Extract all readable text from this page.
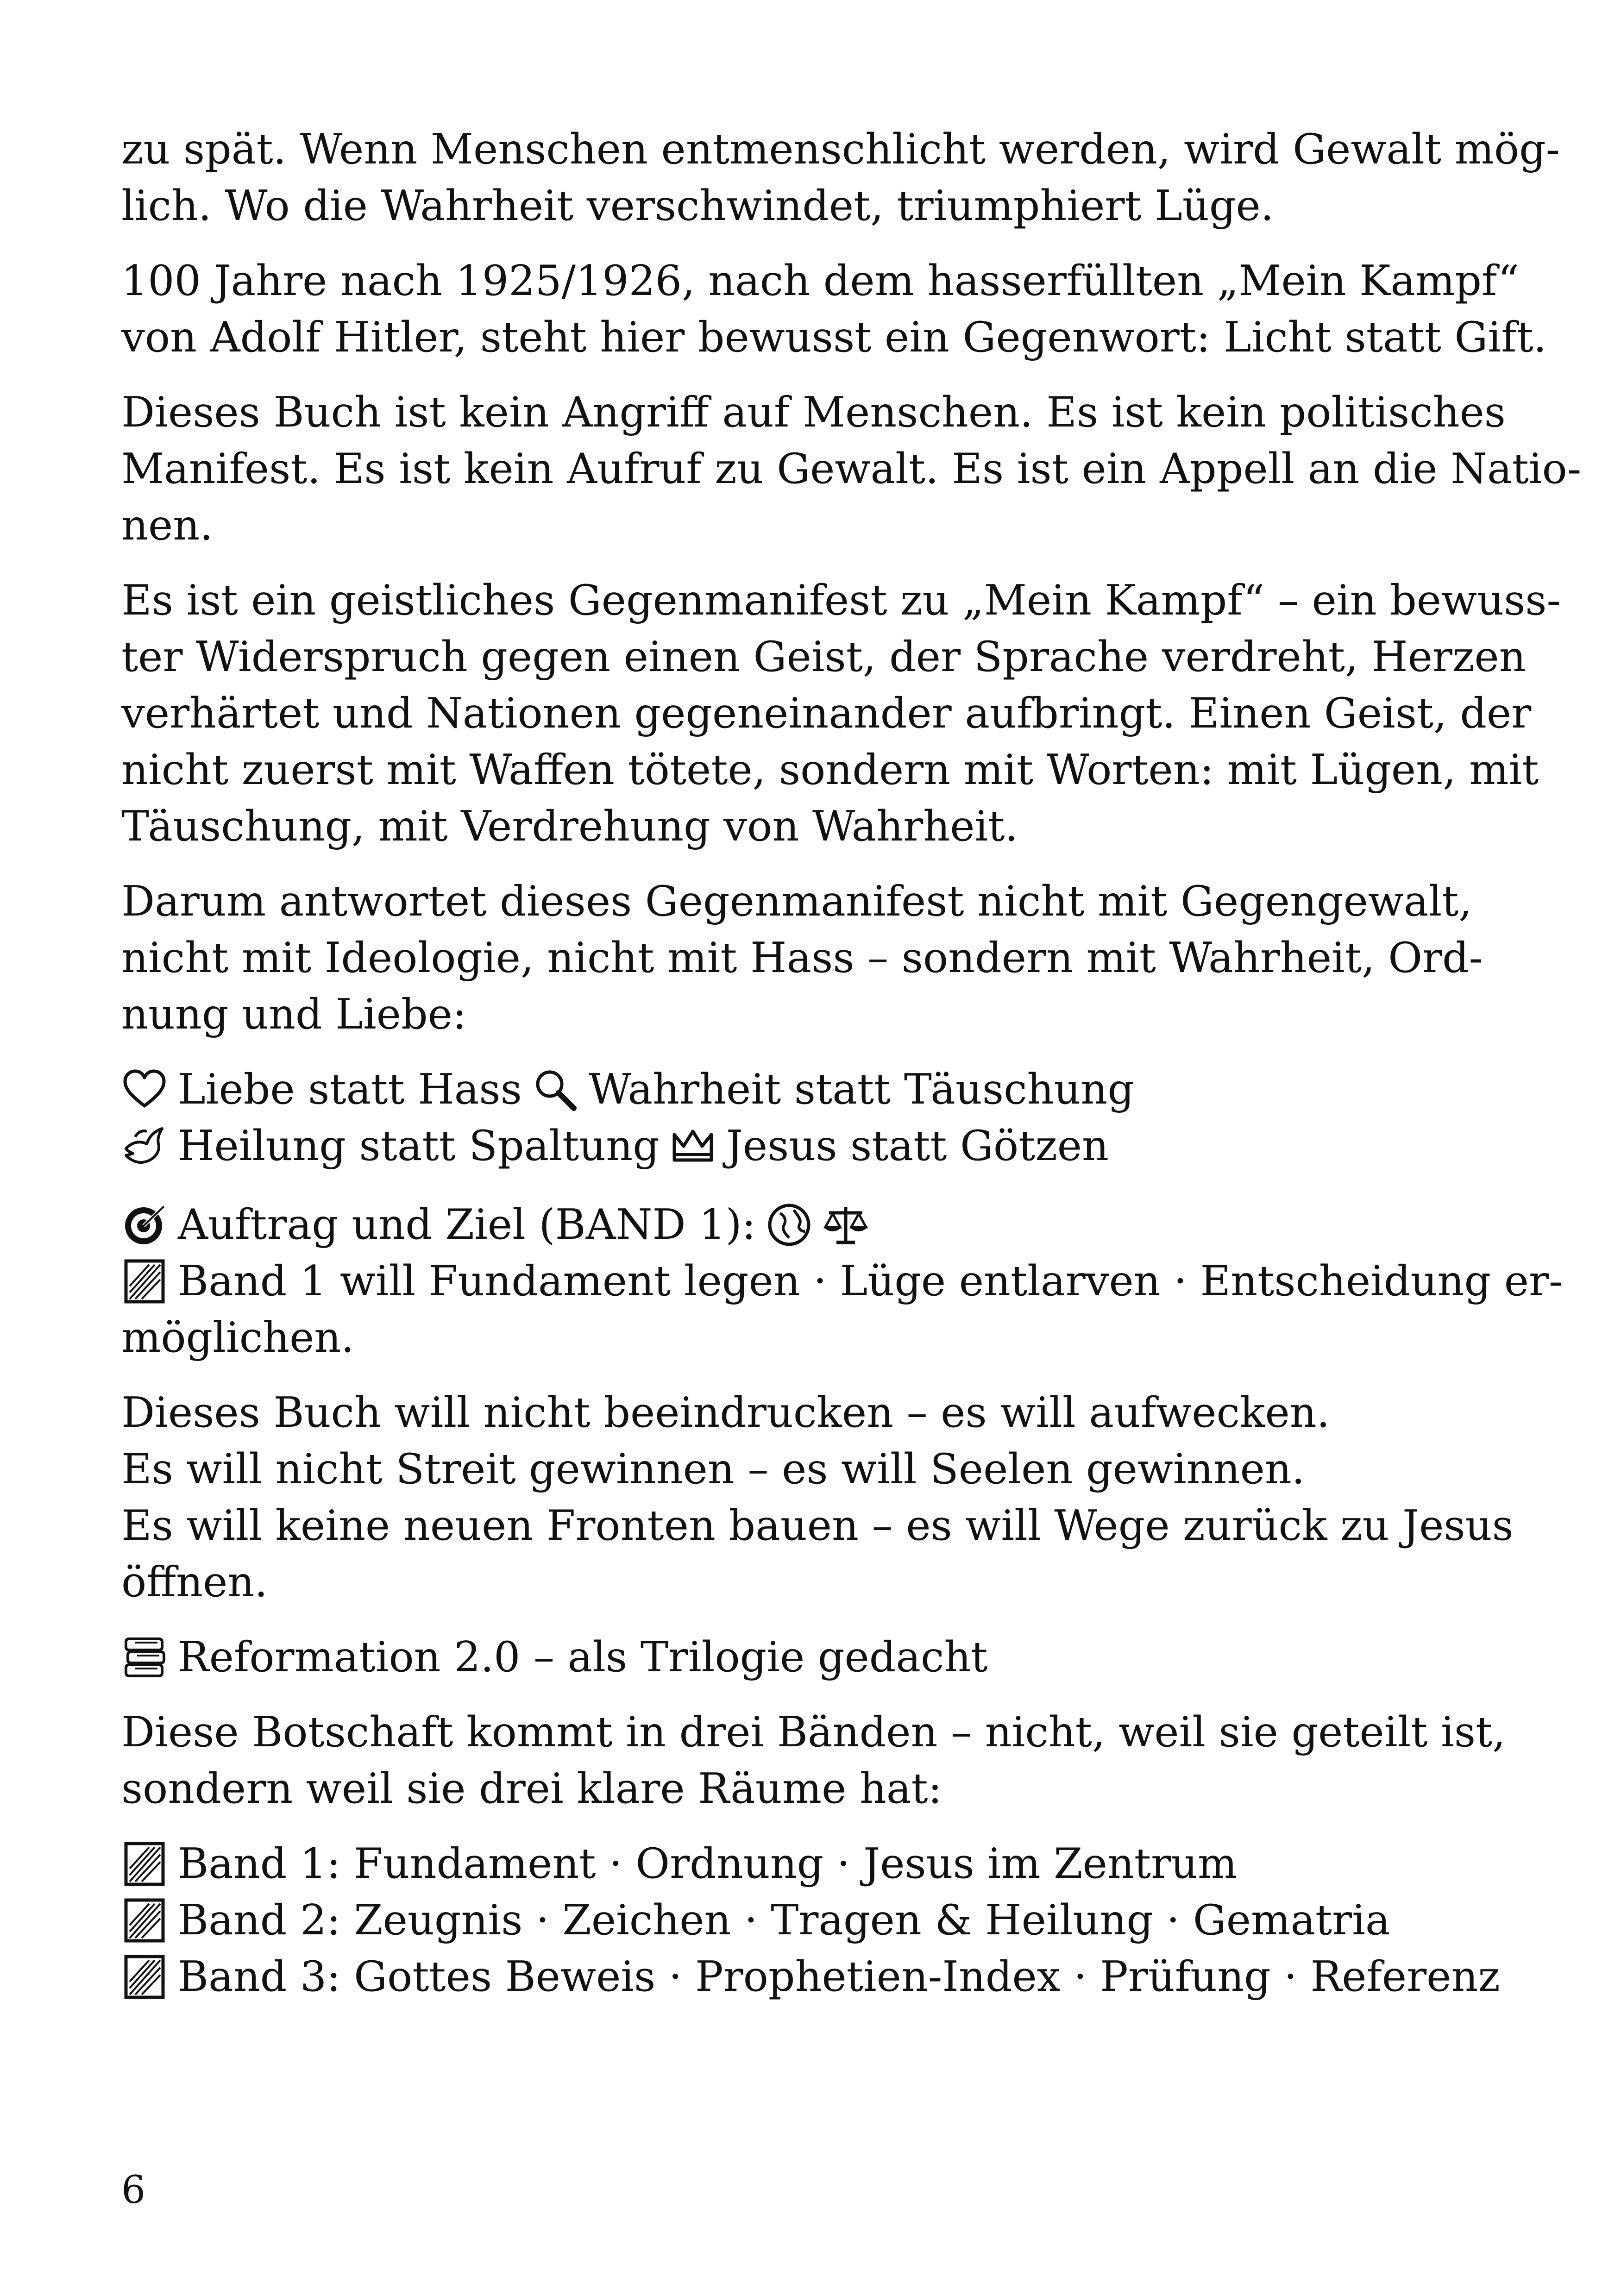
zu spät. Wenn Menschen entmenschlicht werden, wird Gewalt mög-
lich. Wo die Wahrheit verschwindet, triumphiert Lüge.

100 Jahre nach 1925/1926, nach dem hasserfüllten „Mein Kampf“
von Adolf Hitler, steht hier bewusst ein Gegenwort: Licht statt Gift.

Dieses Buch ist kein Angriff auf Menschen. Es ist kein politisches
Manifest. Es ist kein Aufruf zu Gewalt. Es ist ein Appell an die Natio-
nen.

Es ist ein geistliches Gegenmanifest zu „Mein Kampf“ – ein bewuss-
ter Widerspruch gegen einen Geist, der Sprache verdreht, Herzen
verhärtet und Nationen gegeneinander aufbringt. Einen Geist, der
nicht zuerst mit Waffen tötete, sondern mit Worten: mit Lügen, mit
Täuschung, mit Verdrehung von Wahrheit.

Darum antwortet dieses Gegenmanifest nicht mit Gegengewalt,
nicht mit Ideologie, nicht mit Hass – sondern mit Wahrheit, Ord-
nung und Liebe:

Liebe statt Hass Wahrheit statt Täuschung
Heilung statt Spaltung Jesus statt Götzen
Auftrag und Ziel (BAND 1):
Band 1 will Fundament legen · Lüge entlarven · Entscheidung er-
möglichen.

Dieses Buch will nicht beeindrucken – es will aufwecken.
Es will nicht Streit gewinnen – es will Seelen gewinnen.
Es will keine neuen Fronten bauen – es will Wege zurück zu Jesus
öffnen.

Reformation 2.0 – als Trilogie gedacht

Diese Botschaft kommt in drei Bänden – nicht, weil sie geteilt ist,
sondern weil sie drei klare Räume hat:

Band 1: Fundament · Ordnung · Jesus im Zentrum
Band 2: Zeugnis · Zeichen · Tragen & Heilung · Gematria
Band 3: Gottes Beweis · Prophetien-Index · Prüfung · Referenz
6
